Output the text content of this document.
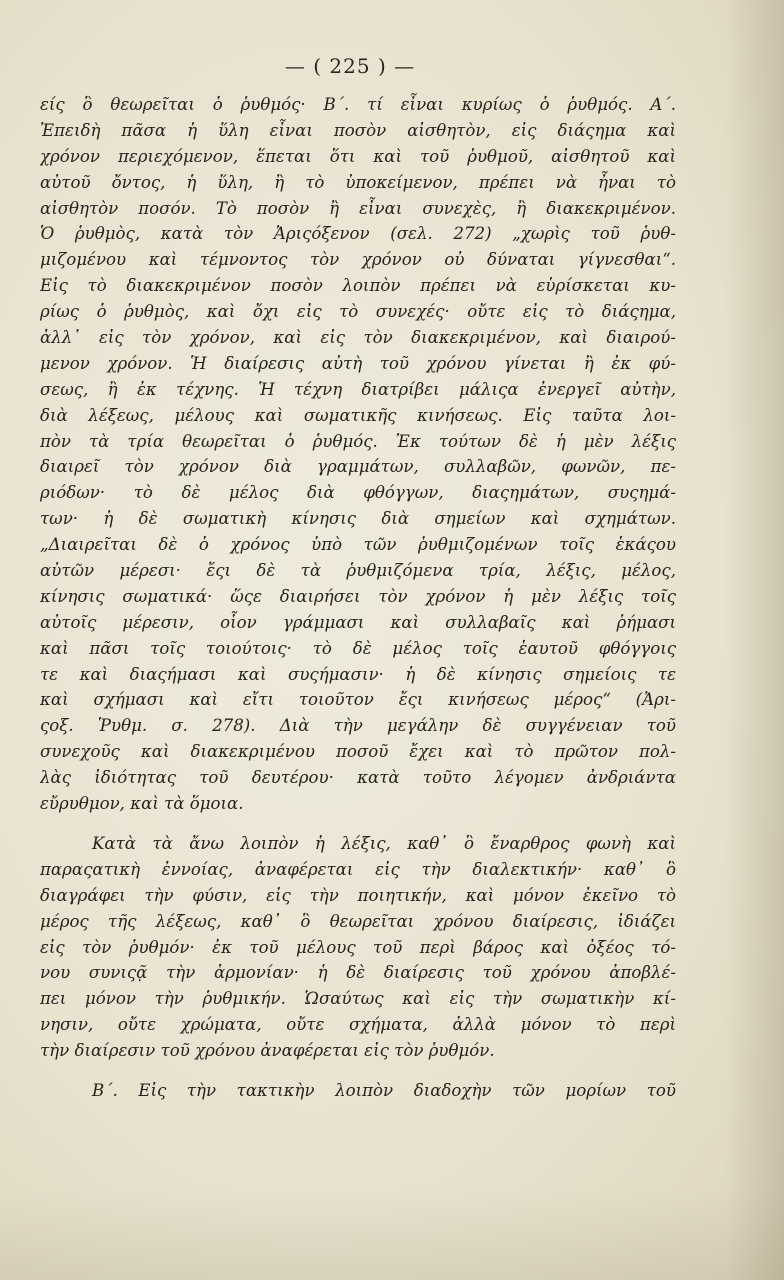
— ( 225 ) —
είς ὃ θεωρεῖται ὁ ῥυθμός· Β΄. τί εἶναι κυρίως ὁ ῥυθμός. Α΄.
Ἐπειδὴ πᾶσα ἡ ὕλη εἶναι ποσὸν αἰσθητὸν, εἰς διάςημα καὶ
χρόνον περιεχόμενον, ἕπεται ὅτι καὶ τοῦ ῥυθμοῦ, αἰσθητοῦ καὶ
αὐτοῦ ὄντος, ἡ ὕλη, ἢ τὸ ὑποκείμενον, πρέπει νὰ ἦναι τὸ
αἰσθητὸν ποσόν. Τὸ ποσὸν ἢ εἶναι συνεχὲς, ἢ διακεκριμένον.
Ὁ ῥυθμὸς, κατὰ τὸν Ἀριςόξενον (σελ. 272) „χωρὶς τοῦ ῥυθ-
μιζομένου καὶ τέμνοντος τὸν χρόνον οὐ δύναται γίγνεσθαι“.
Εἰς τὸ διακεκριμένον ποσὸν λοιπὸν πρέπει νὰ εὑρίσκεται κυ-
ρίως ὁ ῥυθμὸς, καὶ ὄχι εἰς τὸ συνεχές· οὔτε εἰς τὸ διάςημα,
ἀλλ᾿ εἰς τὸν χρόνον, καὶ εἰς τὸν διακεκριμένον, καὶ διαιρού-
μενον χρόνον. Ἡ διαίρεσις αὐτὴ τοῦ χρόνου γίνεται ἢ ἐκ φύ-
σεως, ἢ ἐκ τέχνης. Ἡ τέχνη διατρίβει μάλιςα ἐνεργεῖ αὐτὴν,
διὰ λέξεως, μέλους καὶ σωματικῆς κινήσεως. Εἰς ταῦτα λοι-
πὸν τὰ τρία θεωρεῖται ὁ ῥυθμός. Ἐκ τούτων δὲ ἡ μὲν λέξις
διαιρεῖ τὸν χρόνον διὰ γραμμάτων, συλλαβῶν, φωνῶν, πε-
ριόδων· τὸ δὲ μέλος διὰ φθόγγων, διαςημάτων, συςημά-
των· ἡ δὲ σωματικὴ κίνησις διὰ σημείων καὶ σχημάτων.
„Διαιρεῖται δὲ ὁ χρόνος ὑπὸ τῶν ῥυθμιζομένων τοῖς ἑκάςου
αὐτῶν μέρεσι· ἔςι δὲ τὰ ῥυθμιζόμενα τρία, λέξις, μέλος,
κίνησις σωματικά· ὥςε διαιρήσει τὸν χρόνον ἡ μὲν λέξις τοῖς
αὐτοῖς μέρεσιν, οἷον γράμμασι καὶ συλλαβαῖς καὶ ῥήμασι
καὶ πᾶσι τοῖς τοιούτοις· τὸ δὲ μέλος τοῖς ἑαυτοῦ φθόγγοις
τε καὶ διαςήμασι καὶ συςήμασιν· ἡ δὲ κίνησις σημείοις τε
καὶ σχήμασι καὶ εἴτι τοιοῦτον ἔςι κινήσεως μέρος“ (Ἀρι-
ςοξ. Ῥυθμ. σ. 278). Διὰ τὴν μεγάλην δὲ συγγένειαν τοῦ
συνεχοῦς καὶ διακεκριμένου ποσοῦ ἔχει καὶ τὸ πρῶτον πολ-
λὰς ἰδιότητας τοῦ δευτέρου· κατὰ τοῦτο λέγομεν ἀνδριάντα
εὔρυθμον, καὶ τὰ ὅμοια.
Κατὰ τὰ ἄνω λοιπὸν ἡ λέξις, καθ᾿ ὃ ἔναρθρος φωνὴ καὶ
παραςατικὴ ἐννοίας, ἀναφέρεται εἰς τὴν διαλεκτικήν· καθ᾿ ὃ
διαγράφει τὴν φύσιν, εἰς τὴν ποιητικήν, καὶ μόνον ἐκεῖνο τὸ
μέρος τῆς λέξεως, καθ᾿ ὃ θεωρεῖται χρόνου διαίρεσις, ἰδιάζει
εἰς τὸν ῥυθμόν· ἐκ τοῦ μέλους τοῦ περὶ βάρος καὶ ὀξέος τό-
νου συνιςᾷ τὴν ἁρμονίαν· ἡ δὲ διαίρεσις τοῦ χρόνου ἀποβλέ-
πει μόνον τὴν ῥυθμικήν. Ὡσαύτως καὶ εἰς τὴν σωματικὴν κί-
νησιν, οὔτε χρώματα, οὔτε σχήματα, ἀλλὰ μόνον τὸ περὶ
τὴν διαίρεσιν τοῦ χρόνου ἀναφέρεται εἰς τὸν ῥυθμόν.
Β΄. Εἰς τὴν τακτικὴν λοιπὸν διαδοχὴν τῶν μορίων τοῦ
